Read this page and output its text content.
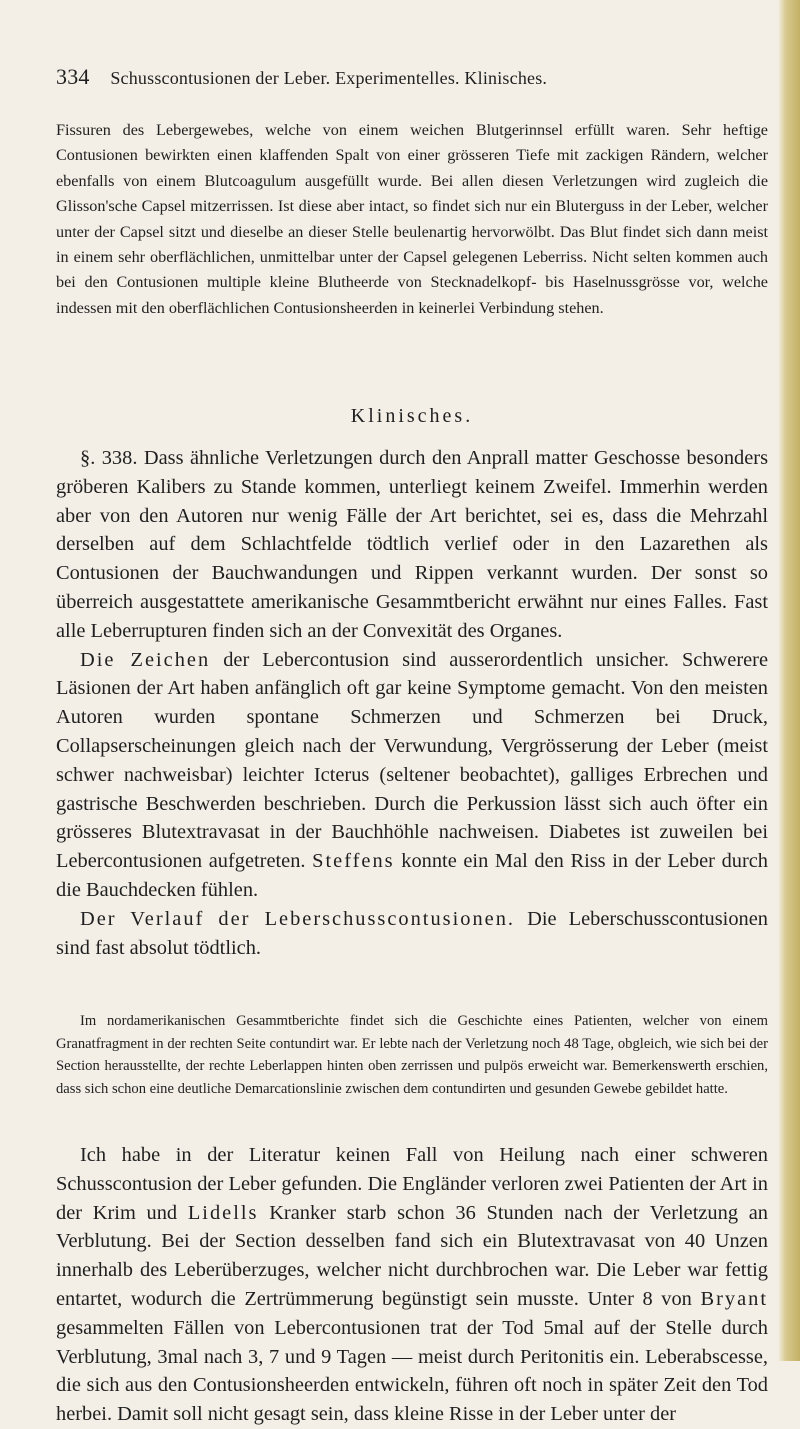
334 Schusscontusionen der Leber. Experimentelles. Klinisches.

Fissuren des Lebergewebes, welche von einem weichen Blutgerinnsel erfüllt waren. Sehr heftige Contusionen bewirkten einen klaffenden Spalt von einer grösseren Tiefe mit zackigen Rändern, welcher ebenfalls von einem Blutcoagulum ausgefüllt wurde. Bei allen diesen Verletzungen wird zugleich die Glisson'sche Capsel mitzerrissen. Ist diese aber intact, so findet sich nur ein Bluterguss in der Leber, welcher unter der Capsel sitzt und dieselbe an dieser Stelle beulenartig hervorwölbt. Das Blut findet sich dann meist in einem sehr oberflächlichen, unmittelbar unter der Capsel gelegenen Leberriss. Nicht selten kommen auch bei den Contusionen multiple kleine Blutheerde von Stecknadelkopf- bis Haselnussgrösse vor, welche indessen mit den oberflächlichen Contusionsheerden in keinerlei Verbindung stehen.

Klinisches.

§. 338. Dass ähnliche Verletzungen durch den Anprall matter Geschosse besonders gröberen Kalibers zu Stande kommen, unterliegt keinem Zweifel. Immerhin werden aber von den Autoren nur wenig Fälle der Art berichtet, sei es, dass die Mehrzahl derselben auf dem Schlachtfelde tödtlich verlief oder in den Lazarethen als Contusionen der Bauchwandungen und Rippen verkannt wurden. Der sonst so überreich ausgestattete amerikanische Gesammtbericht erwähnt nur eines Falles. Fast alle Leberrupturen finden sich an der Convexität des Organes.

Die Zeichen der Lebercontusion sind ausserordentlich unsicher. Schwerere Läsionen der Art haben anfänglich oft gar keine Symptome gemacht. Von den meisten Autoren wurden spontane Schmerzen und Schmerzen bei Druck, Collapserscheinungen gleich nach der Verwundung, Vergrösserung der Leber (meist schwer nachweisbar) leichter Icterus (seltener beobachtet), galliges Erbrechen und gastrische Beschwerden beschrieben. Durch die Perkussion lässt sich auch öfter ein grösseres Blutextravasat in der Bauchhöhle nachweisen. Diabetes ist zuweilen bei Lebercontusionen aufgetreten. Steffens konnte ein Mal den Riss in der Leber durch die Bauchdecken fühlen.

Der Verlauf der Leberschusscontusionen. Die Leberschusscontusionen sind fast absolut tödtlich.

Im nordamerikanischen Gesammtberichte findet sich die Geschichte eines Patienten, welcher von einem Granatfragment in der rechten Seite contundirt war. Er lebte nach der Verletzung noch 48 Tage, obgleich, wie sich bei der Section herausstellte, der rechte Leberlappen hinten oben zerrissen und pulpös erweicht war. Bemerkenswerth erschien, dass sich schon eine deutliche Demarcationslinie zwischen dem contundirten und gesunden Gewebe gebildet hatte.

Ich habe in der Literatur keinen Fall von Heilung nach einer schweren Schusscontusion der Leber gefunden. Die Engländer verloren zwei Patienten der Art in der Krim und Lidells Kranker starb schon 36 Stunden nach der Verletzung an Verblutung. Bei der Section desselben fand sich ein Blutextravasat von 40 Unzen innerhalb des Leberüberzuges, welcher nicht durchbrochen war. Die Leber war fettig entartet, wodurch die Zertrümmerung begünstigt sein musste. Unter 8 von Bryant gesammelten Fällen von Lebercontusionen trat der Tod 5mal auf der Stelle durch Verblutung, 3mal nach 3, 7 und 9 Tagen — meist durch Peritonitis ein. Leberabscesse, die sich aus den Contusionsheerden entwickeln, führen oft noch in später Zeit den Tod herbei. Damit soll nicht gesagt sein, dass kleine Risse in der Leber unter der
